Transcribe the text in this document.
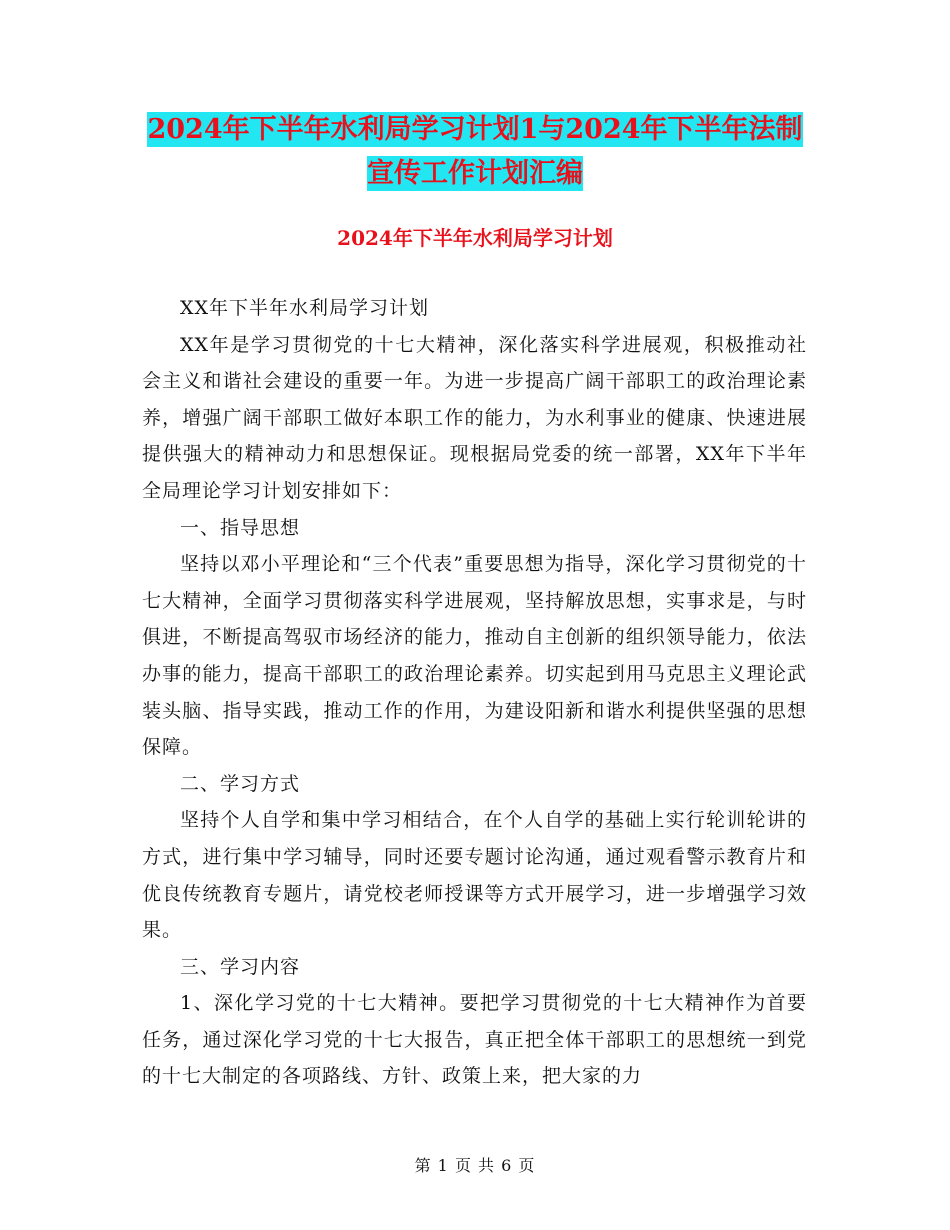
2024年下半年水利局学习计划1与2024年下半年法制
宣传工作计划汇编
2024年下半年水利局学习计划

XX年下半年水利局学习计划

XX年是学习贯彻党的十七大精神，深化落实科学进展观，积极推动社会主义和谐社会建设的重要一年。为进一步提高广阔干部职工的政治理论素养，增强广阔干部职工做好本职工作的能力，为水利事业的健康、快速进展提供强大的精神动力和思想保证。现根据局党委的统一部署，XX年下半年全局理论学习计划安排如下：

一、指导思想

坚持以邓小平理论和“三个代表”重要思想为指导，深化学习贯彻党的十七大精神，全面学习贯彻落实科学进展观，坚持解放思想，实事求是，与时俱进，不断提高驾驭市场经济的能力，推动自主创新的组织领导能力，依法办事的能力，提高干部职工的政治理论素养。切实起到用马克思主义理论武装头脑、指导实践，推动工作的作用，为建设阳新和谐水利提供坚强的思想保障。

二、学习方式

坚持个人自学和集中学习相结合，在个人自学的基础上实行轮训轮讲的方式，进行集中学习辅导，同时还要专题讨论沟通，通过观看警示教育片和优良传统教育专题片，请党校老师授课等方式开展学习，进一步增强学习效果。

三、学习内容

1、深化学习党的十七大精神。要把学习贯彻党的十七大精神作为首要任务，通过深化学习党的十七大报告，真正把全体干部职工的思想统一到党的十七大制定的各项路线、方针、政策上来，把大家的力

第 1 页 共 6 页
